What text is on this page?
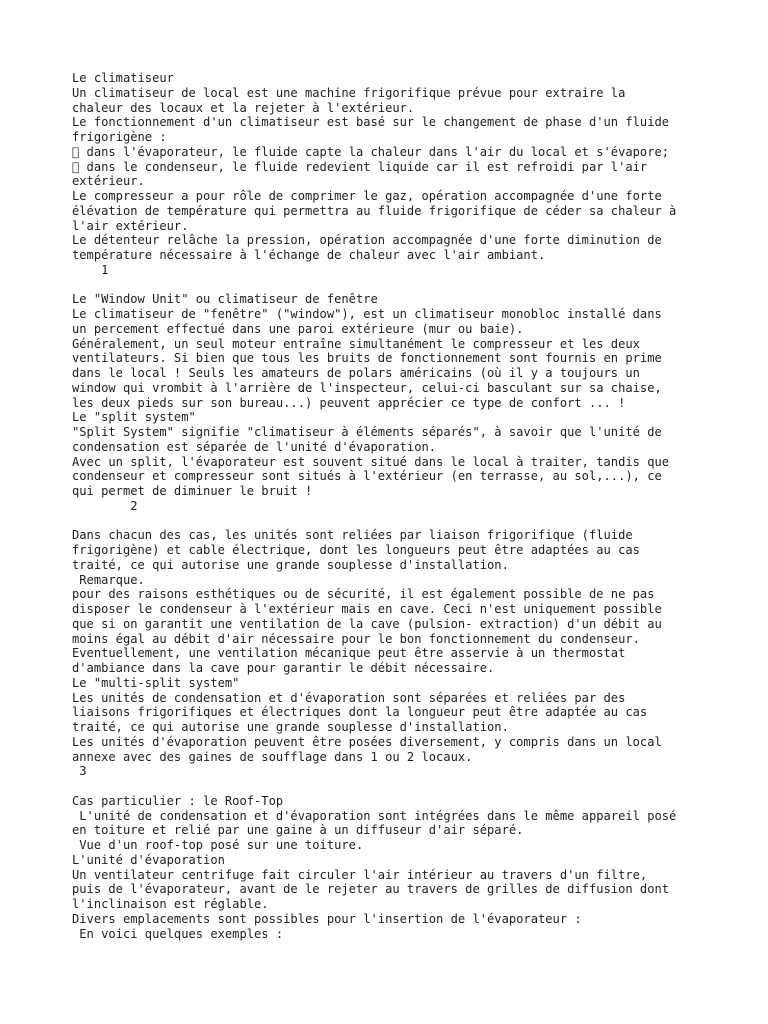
Le climatiseur
Un climatiseur de local est une machine frigorifique prévue pour extraire la
chaleur des locaux et la rejeter à l'extérieur.
Le fonctionnement d'un climatiseur est basé sur le changement de phase d'un fluide
frigorigène :
dans l'évaporateur, le fluide capte la chaleur dans l'air du local et s'évapore;
dans le condenseur, le fluide redevient liquide car il est refroidi par l'air
extérieur.
Le compresseur a pour rôle de comprimer le gaz, opération accompagnée d'une forte
élévation de température qui permettra au fluide frigorifique de céder sa chaleur à
l'air extérieur.
Le détenteur relâche la pression, opération accompagnée d'une forte diminution de
température nécessaire à l'échange de chaleur avec l'air ambiant.
1
Le "Window Unit" ou climatiseur de fenêtre
Le climatiseur de "fenêtre" ("window"), est un climatiseur monobloc installé dans
un percement effectué dans une paroi extérieure (mur ou baie).
Généralement, un seul moteur entraîne simultanément le compresseur et les deux
ventilateurs. Si bien que tous les bruits de fonctionnement sont fournis en prime
dans le local ! Seuls les amateurs de polars américains (où il y a toujours un
window qui vrombit à l'arrière de l'inspecteur, celui-ci basculant sur sa chaise,
les deux pieds sur son bureau...) peuvent apprécier ce type de confort ... !
Le "split system"
"Split System" signifie "climatiseur à éléments séparés", à savoir que l'unité de
condensation est séparée de l'unité d'évaporation.
Avec un split, l'évaporateur est souvent situé dans le local à traiter, tandis que
condenseur et compresseur sont situés à l'extérieur (en terrasse, au sol,...), ce
qui permet de diminuer le bruit !
2
Dans chacun des cas, les unités sont reliées par liaison frigorifique (fluide
frigorigène) et cable électrique, dont les longueurs peut être adaptées au cas
traité, ce qui autorise une grande souplesse d'installation.
Remarque.
pour des raisons esthétiques ou de sécurité, il est également possible de ne pas
disposer le condenseur à l'extérieur mais en cave. Ceci n'est uniquement possible
que si on garantit une ventilation de la cave (pulsion- extraction) d'un débit au
moins égal au débit d'air nécessaire pour le bon fonctionnement du condenseur.
Eventuellement, une ventilation mécanique peut être asservie à un thermostat
d'ambiance dans la cave pour garantir le débit nécessaire.
Le "multi-split system"
Les unités de condensation et d'évaporation sont séparées et reliées par des
liaisons frigorifiques et électriques dont la longueur peut être adaptée au cas
traité, ce qui autorise une grande souplesse d'installation.
Les unités d'évaporation peuvent être posées diversement, y compris dans un local
annexe avec des gaines de soufflage dans 1 ou 2 locaux.
3
Cas particulier : le Roof-Top
L'unité de condensation et d'évaporation sont intégrées dans le même appareil posé
en toiture et relié par une gaine à un diffuseur d'air séparé.
Vue d'un roof-top posé sur une toiture.
L'unité d'évaporation
Un ventilateur centrifuge fait circuler l'air intérieur au travers d'un filtre,
puis de l'évaporateur, avant de le rejeter au travers de grilles de diffusion dont
l'inclinaison est réglable.
Divers emplacements sont possibles pour l'insertion de l'évaporateur :
En voici quelques exemples :
